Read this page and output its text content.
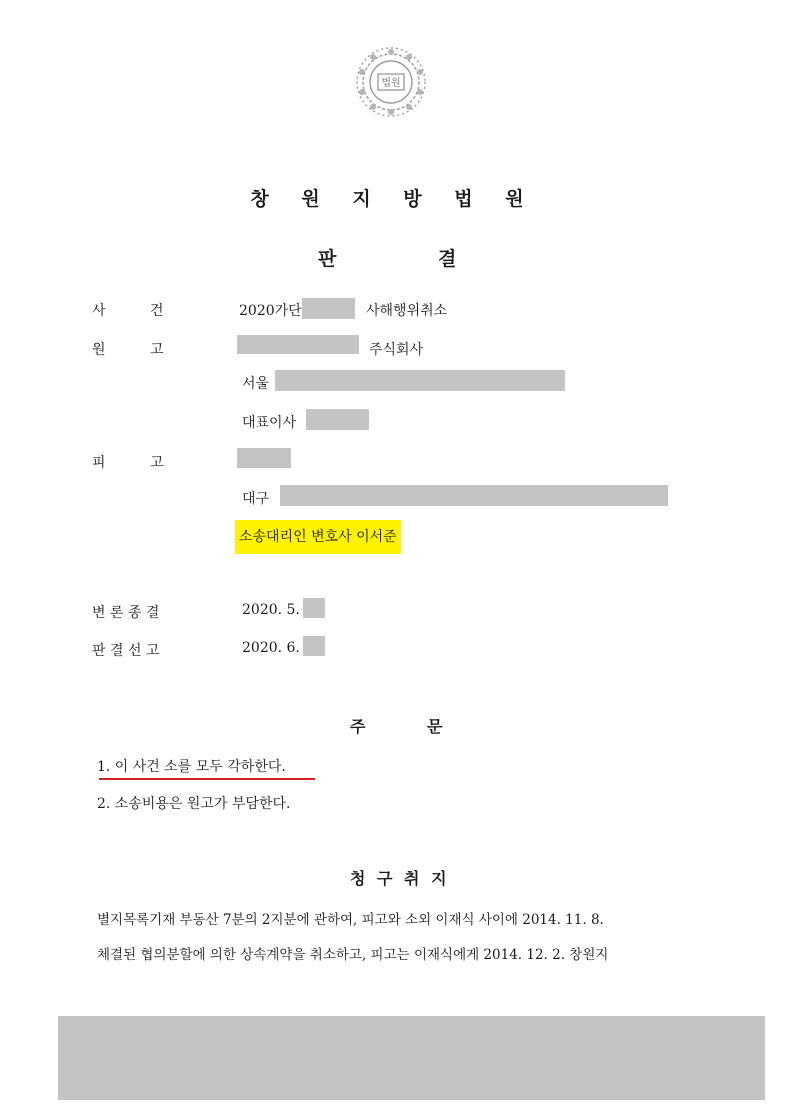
법원
창 원 지 방 법 원
판	결
사          건	2020가단	사해행위취소
원          고	주식회사
서울
대표이사
피          고
대구
소송대리인 변호사 이서준
변 론 종 결	2020. 5.
판 결 선 고	2020. 6.
주	문
1. 이 사건 소를 모두 각하한다.
2. 소송비용은 원고가 부담한다.
청 구 취 지
별지목록기재 부동산 7분의 2지분에 관하여, 피고와 소외 이재식 사이에 2014. 11. 8.
체결된 협의분할에 의한 상속계약을 취소하고, 피고는 이재식에게 2014. 12. 2. 창원지
